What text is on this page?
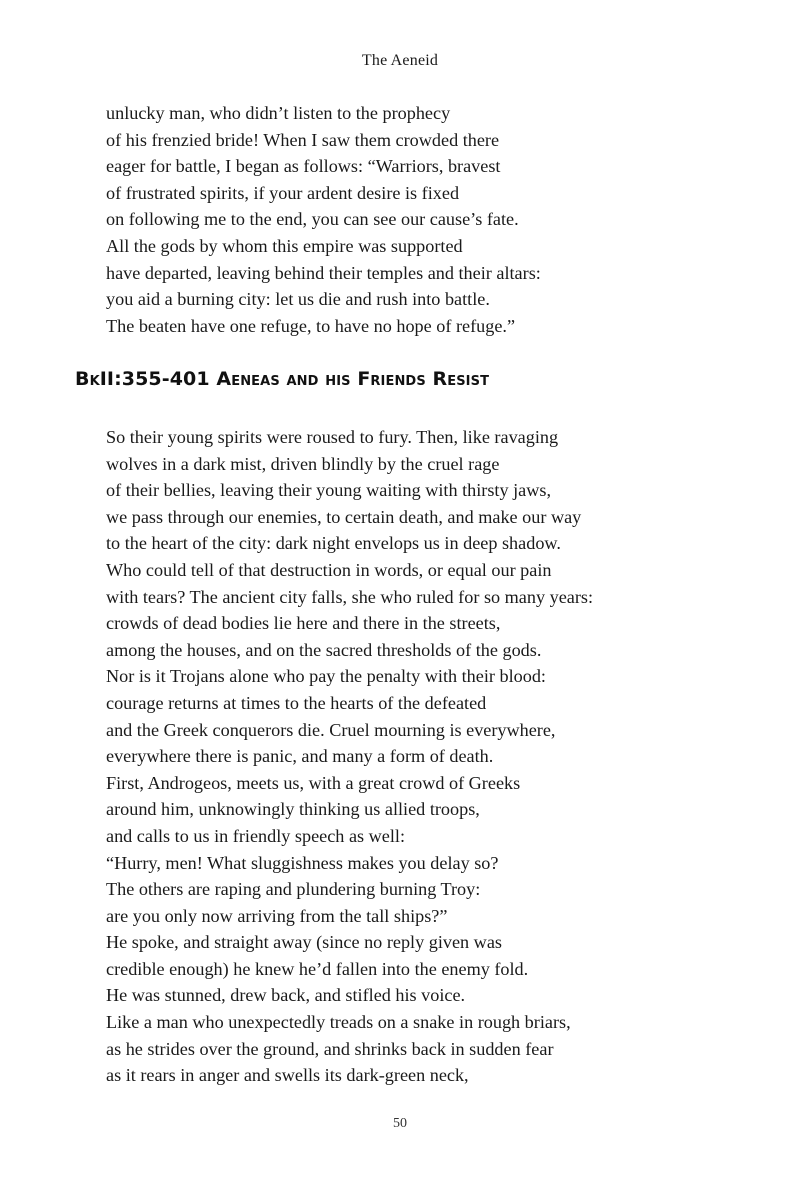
The Aeneid
unlucky man, who didn’t listen to the prophecy
of his frenzied bride! When I saw them crowded there
eager for battle, I began as follows: “Warriors, bravest
of frustrated spirits, if your ardent desire is fixed
on following me to the end, you can see our cause’s fate.
All the gods by whom this empire was supported
have departed, leaving behind their temples and their altars:
you aid a burning city: let us die and rush into battle.
The beaten have one refuge, to have no hope of refuge.”
BkII:355-401 Aeneas and his Friends Resist
So their young spirits were roused to fury. Then, like ravaging
wolves in a dark mist, driven blindly by the cruel rage
of their bellies, leaving their young waiting with thirsty jaws,
we pass through our enemies, to certain death, and make our way
to the heart of the city: dark night envelops us in deep shadow.
Who could tell of that destruction in words, or equal our pain
with tears? The ancient city falls, she who ruled for so many years:
crowds of dead bodies lie here and there in the streets,
among the houses, and on the sacred thresholds of the gods.
Nor is it Trojans alone who pay the penalty with their blood:
courage returns at times to the hearts of the defeated
and the Greek conquerors die. Cruel mourning is everywhere,
everywhere there is panic, and many a form of death.
First, Androgeos, meets us, with a great crowd of Greeks
around him, unknowingly thinking us allied troops,
and calls to us in friendly speech as well:
“Hurry, men! What sluggishness makes you delay so?
The others are raping and plundering burning Troy:
are you only now arriving from the tall ships?”
He spoke, and straight away (since no reply given was
credible enough) he knew he’d fallen into the enemy fold.
He was stunned, drew back, and stifled his voice.
Like a man who unexpectedly treads on a snake in rough briars,
as he strides over the ground, and shrinks back in sudden fear
as it rears in anger and swells its dark-green neck,
50
